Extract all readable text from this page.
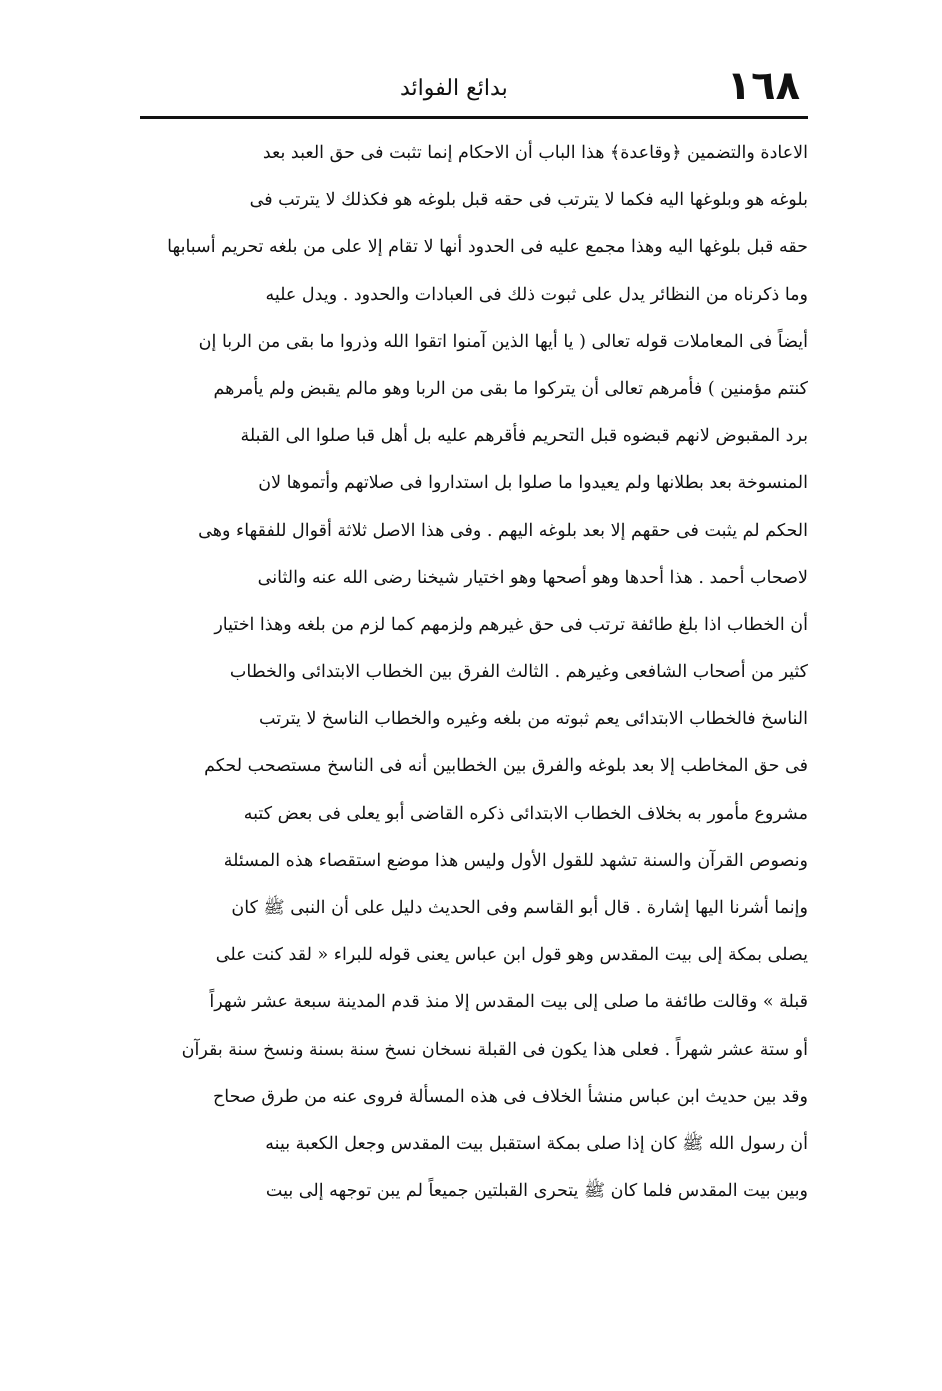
١٦٨
بدائع الفوائد
الاعادة والتضمين ﴿وقاعدة﴾ هذا الباب أن الاحكام إنما تثبت فى حق العبد بعد
بلوغه هو وبلوغها اليه فكما لا يترتب فى حقه قبل بلوغه هو فكذلك لا يترتب فى
حقه قبل بلوغها اليه وهذا مجمع عليه فى الحدود أنها لا تقام إلا على من بلغه تحريم أسبابها
وما ذكرناه من النظائر يدل على ثبوت ذلك فى العبادات والحدود . ويدل عليه
أيضاً فى المعاملات قوله تعالى ( يا أيها الذين آمنوا اتقوا الله وذروا ما بقى من الربا إن
كنتم مؤمنين ) فأمرهم تعالى أن يتركوا ما بقى من الربا وهو مالم يقبض ولم يأمرهم
برد المقبوض لانهم قبضوه قبل التحريم فأقرهم عليه بل أهل قبا صلوا الى القبلة
المنسوخة بعد بطلانها ولم يعيدوا ما صلوا بل استداروا فى صلاتهم وأتموها لان
الحكم لم يثبت فى حقهم إلا بعد بلوغه اليهم . وفى هذا الاصل ثلاثة أقوال للفقهاء وهى
لاصحاب أحمد . هذا أحدها وهو أصحها وهو اختيار شيخنا رضى الله عنه والثانى
أن الخطاب اذا بلغ طائفة ترتب فى حق غيرهم ولزمهم كما لزم من بلغه وهذا اختيار
كثير من أصحاب الشافعى وغيرهم . الثالث الفرق بين الخطاب الابتدائى والخطاب
الناسخ فالخطاب الابتدائى يعم ثبوته من بلغه وغيره والخطاب الناسخ لا يترتب
فى حق المخاطب إلا بعد بلوغه والفرق بين الخطابين أنه فى الناسخ مستصحب لحكم
مشروع مأمور به بخلاف الخطاب الابتدائى ذكره القاضى أبو يعلى فى بعض كتبه
ونصوص القرآن والسنة تشهد للقول الأول وليس هذا موضع استقصاء هذه المسئلة
وإنما أشرنا اليها إشارة . قال أبو القاسم وفى الحديث دليل على أن النبى ﷺ كان
يصلى بمكة إلى بيت المقدس وهو قول ابن عباس يعنى قوله للبراء « لقد كنت على
قبلة » وقالت طائفة ما صلى إلى بيت المقدس إلا منذ قدم المدينة سبعة عشر شهراً
أو ستة عشر شهراً . فعلى هذا يكون فى القبلة نسخان نسخ سنة بسنة ونسخ سنة بقرآن
وقد بين حديث ابن عباس منشأ الخلاف فى هذه المسألة فروى عنه من طرق صحاح
أن رسول الله ﷺ كان إذا صلى بمكة استقبل بيت المقدس وجعل الكعبة بينه
وبين بيت المقدس فلما كان ﷺ يتحرى القبلتين جميعاً لم يبن توجهه إلى بيت
